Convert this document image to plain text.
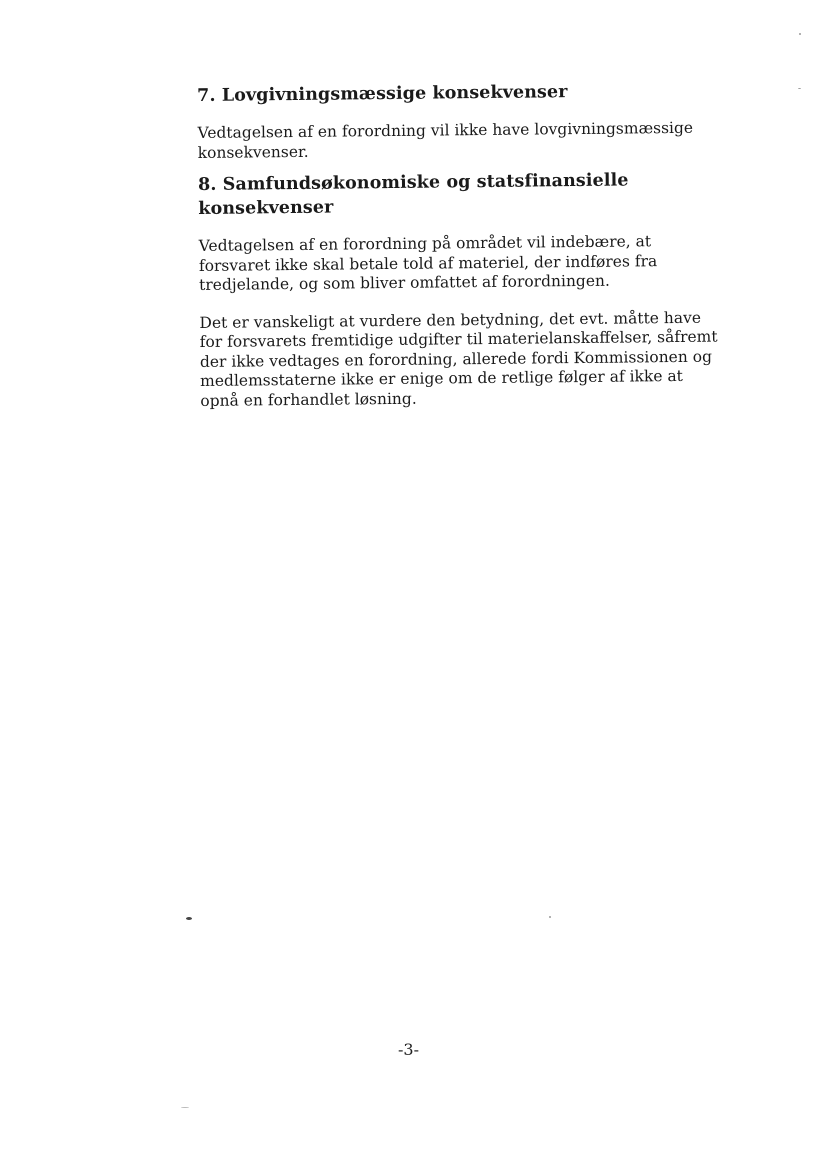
7. Lovgivningsmæssige konsekvenser

Vedtagelsen af en forordning vil ikke have lovgivningsmæssige konsekvenser.

8. Samfundsøkonomiske og statsfinansielle konsekvenser

Vedtagelsen af en forordning på området vil indebære, at forsvaret ikke skal betale told af materiel, der indføres fra tredjelande, og som bliver omfattet af forordningen.

Det er vanskeligt at vurdere den betydning, det evt. måtte have for forsvarets fremtidige udgifter til materielanskaffelser, såfremt der ikke vedtages en forordning, allerede fordi Kommissionen og medlemsstaterne ikke er enige om de retlige følger af ikke at opnå en forhandlet løsning.

-3-
